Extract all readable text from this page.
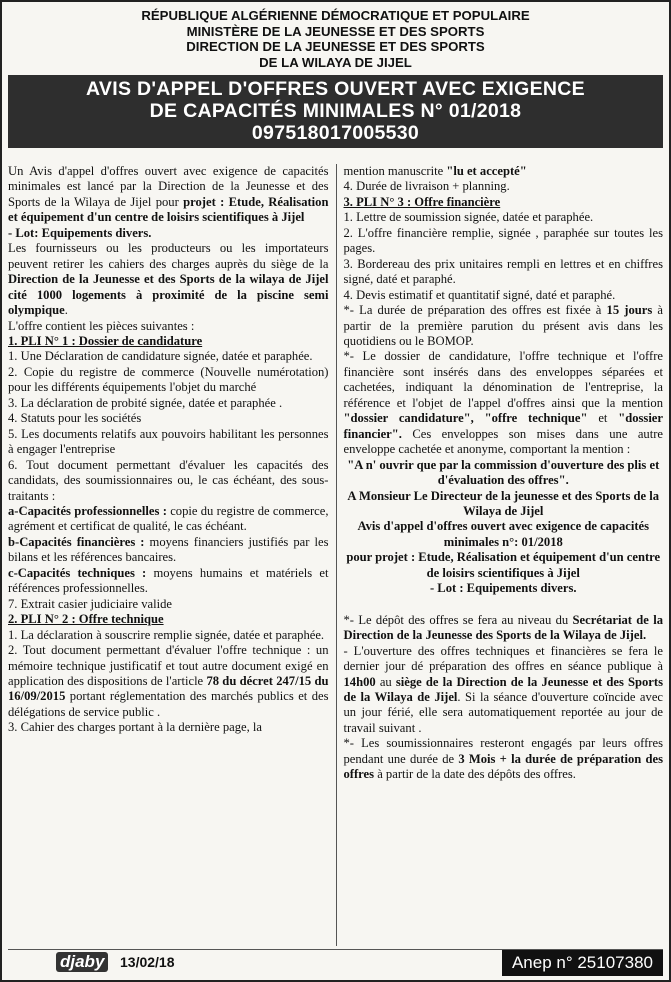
RÉPUBLIQUE ALGÉRIENNE DÉMOCRATIQUE ET POPULAIRE
MINISTÈRE DE LA JEUNESSE ET DES SPORTS
DIRECTION DE LA JEUNESSE ET DES SPORTS
DE LA WILAYA DE JIJEL
AVIS D'APPEL D'OFFRES OUVERT AVEC EXIGENCE
DE CAPACITÉS MINIMALES N° 01/2018
097518017005530

Un Avis d'appel d'offres ouvert avec exigence de capacités minimales est lancé par la Direction de la Jeunesse et des Sports de la Wilaya de Jijel pour projet : Etude, Réalisation et équipement d'un centre de loisirs scientifiques à Jijel

- Lot: Equipements divers.

Les fournisseurs ou les producteurs ou les importateurs peuvent retirer les cahiers des charges auprès du siège de la Direction de la Jeunesse et des Sports de la wilaya de Jijel cité 1000 logements à proximité de la piscine semi olympique.

L'offre contient les pièces suivantes :

1. PLI N° 1 : Dossier de candidature

1. Une Déclaration de candidature signée, datée et paraphée.

2. Copie du registre de commerce (Nouvelle numérotation) pour les différents équipements l'objet du marché

3. La déclaration de probité signée, datée et paraphée .

4. Statuts pour les sociétés

5. Les documents relatifs aux pouvoirs habilitant les personnes à engager l'entreprise

6. Tout document permettant d'évaluer les capacités des candidats, des soumissionnaires ou, le cas échéant, des sous-traitants :

a-Capacités professionnelles : copie du registre de commerce, agrément et certificat de qualité, le cas échéant.

b-Capacités financières : moyens financiers justifiés par les bilans et les références bancaires.

c-Capacités techniques : moyens humains et matériels et références professionnelles.

7. Extrait casier judiciaire valide

2. PLI N° 2 : Offre technique

1. La déclaration à souscrire remplie signée, datée et paraphée.

2. Tout document permettant d'évaluer l'offre technique : un mémoire technique justificatif et tout autre document exigé en application des dispositions de l'article 78 du décret 247/15 du 16/09/2015 portant réglementation des marchés publics et des délégations de service public .

3. Cahier des charges portant à la dernière page, la

mention manuscrite "lu et accepté"

4. Durée de livraison + planning.

3. PLI N° 3 : Offre financière

1. Lettre de soumission signée, datée et paraphée.

2. L'offre financière remplie, signée , paraphée sur toutes les pages.

3. Bordereau des prix unitaires rempli en lettres et en chiffres signé, daté et paraphé.

4. Devis estimatif et quantitatif signé, daté et paraphé.

*- La durée de préparation des offres est fixée à 15 jours à partir de la première parution du présent avis dans les quotidiens ou le BOMOP.

*- Le dossier de candidature, l'offre technique et l'offre financière sont insérés dans des enveloppes séparées et cachetées, indiquant la dénomination de l'entreprise, la référence et l'objet de l'appel d'offres ainsi que la mention "dossier candidature", "offre technique" et "dossier financier". Ces enveloppes son mises dans une autre enveloppe cachetée et anonyme, comportant la mention :

"A n' ouvrir que par la commission d'ouverture des plis et d'évaluation des offres".

A Monsieur Le Directeur de la jeunesse et des Sports de la Wilaya de Jijel

Avis d'appel d'offres ouvert avec exigence de capacités minimales n°: 01/2018

pour projet : Etude, Réalisation et équipement d'un centre de loisirs scientifiques à Jijel

- Lot : Equipements divers.

*- Le dépôt des offres se fera au niveau du Secrétariat de la Direction de la Jeunesse des Sports de la Wilaya de Jijel.

- L'ouverture des offres techniques et financières se fera le dernier jour dé préparation des offres en séance publique à 14h00 au siège de la Direction de la Jeunesse et des Sports de la Wilaya de Jijel. Si la séance d'ouverture coïncide avec un jour férié, elle sera automatiquement reportée au jour de travail suivant .

*- Les soumissionnaires resteront engagés par leurs offres pendant une durée de 3 Mois + la durée de préparation des offres à partir de la date des dépôts des offres.

djaby 13/02/18	Anep n° 25107380
